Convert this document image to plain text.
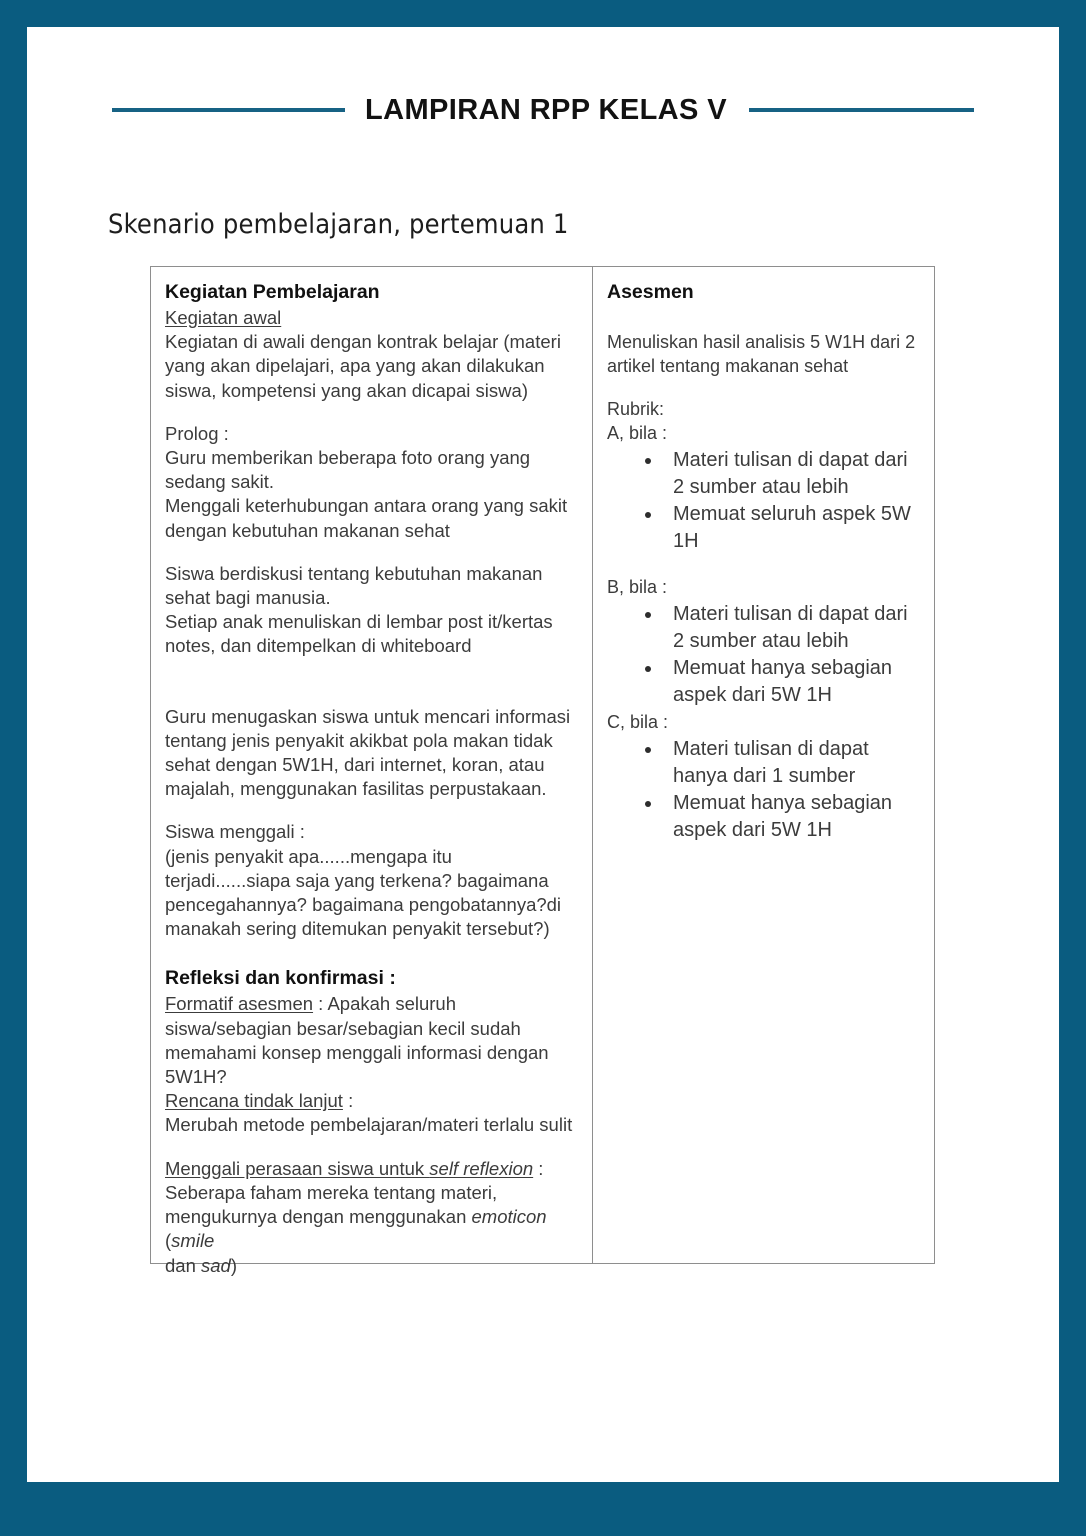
LAMPIRAN RPP KELAS V
Skenario pembelajaran, pertemuan 1
Kegiatan Pembelajaran
Kegiatan awal
Kegiatan di awali dengan kontrak belajar (materi yang akan dipelajari, apa yang akan dilakukan siswa, kompetensi yang akan dicapai siswa)
Prolog :
Guru memberikan beberapa foto orang yang sedang sakit.
Menggali keterhubungan antara orang yang sakit dengan kebutuhan makanan sehat
Siswa berdiskusi tentang kebutuhan makanan sehat bagi manusia.
Setiap anak menuliskan di lembar post it/kertas notes, dan ditempelkan di whiteboard
Guru menugaskan siswa untuk mencari informasi tentang jenis penyakit akikbat pola makan tidak sehat dengan 5W1H, dari internet, koran, atau majalah, menggunakan fasilitas perpustakaan.
Siswa menggali :
(jenis penyakit apa......mengapa itu terjadi......siapa saja yang terkena? bagaimana pencegahannya? bagaimana pengobatannya?di manakah sering ditemukan penyakit tersebut?)
Refleksi dan konfirmasi :
Formatif asesmen : Apakah seluruh siswa/sebagian besar/sebagian kecil sudah memahami konsep menggali informasi dengan 5W1H?
Rencana tindak lanjut :
Merubah metode pembelajaran/materi terlalu sulit
Menggali perasaan siswa untuk self reflexion :
Seberapa faham mereka tentang materi,
mengukurnya dengan menggunakan emoticon (smile
dan sad)
Asesmen
Menuliskan hasil analisis 5 W1H dari 2 artikel tentang makanan sehat
Rubrik:
A, bila :
Materi tulisan di dapat dari 2 sumber atau lebih
Memuat seluruh aspek 5W 1H
B, bila :
Materi tulisan di dapat dari 2 sumber atau lebih
Memuat hanya sebagian aspek dari 5W 1H
C, bila :
Materi tulisan di dapat hanya dari 1 sumber
Memuat hanya sebagian aspek dari 5W 1H
